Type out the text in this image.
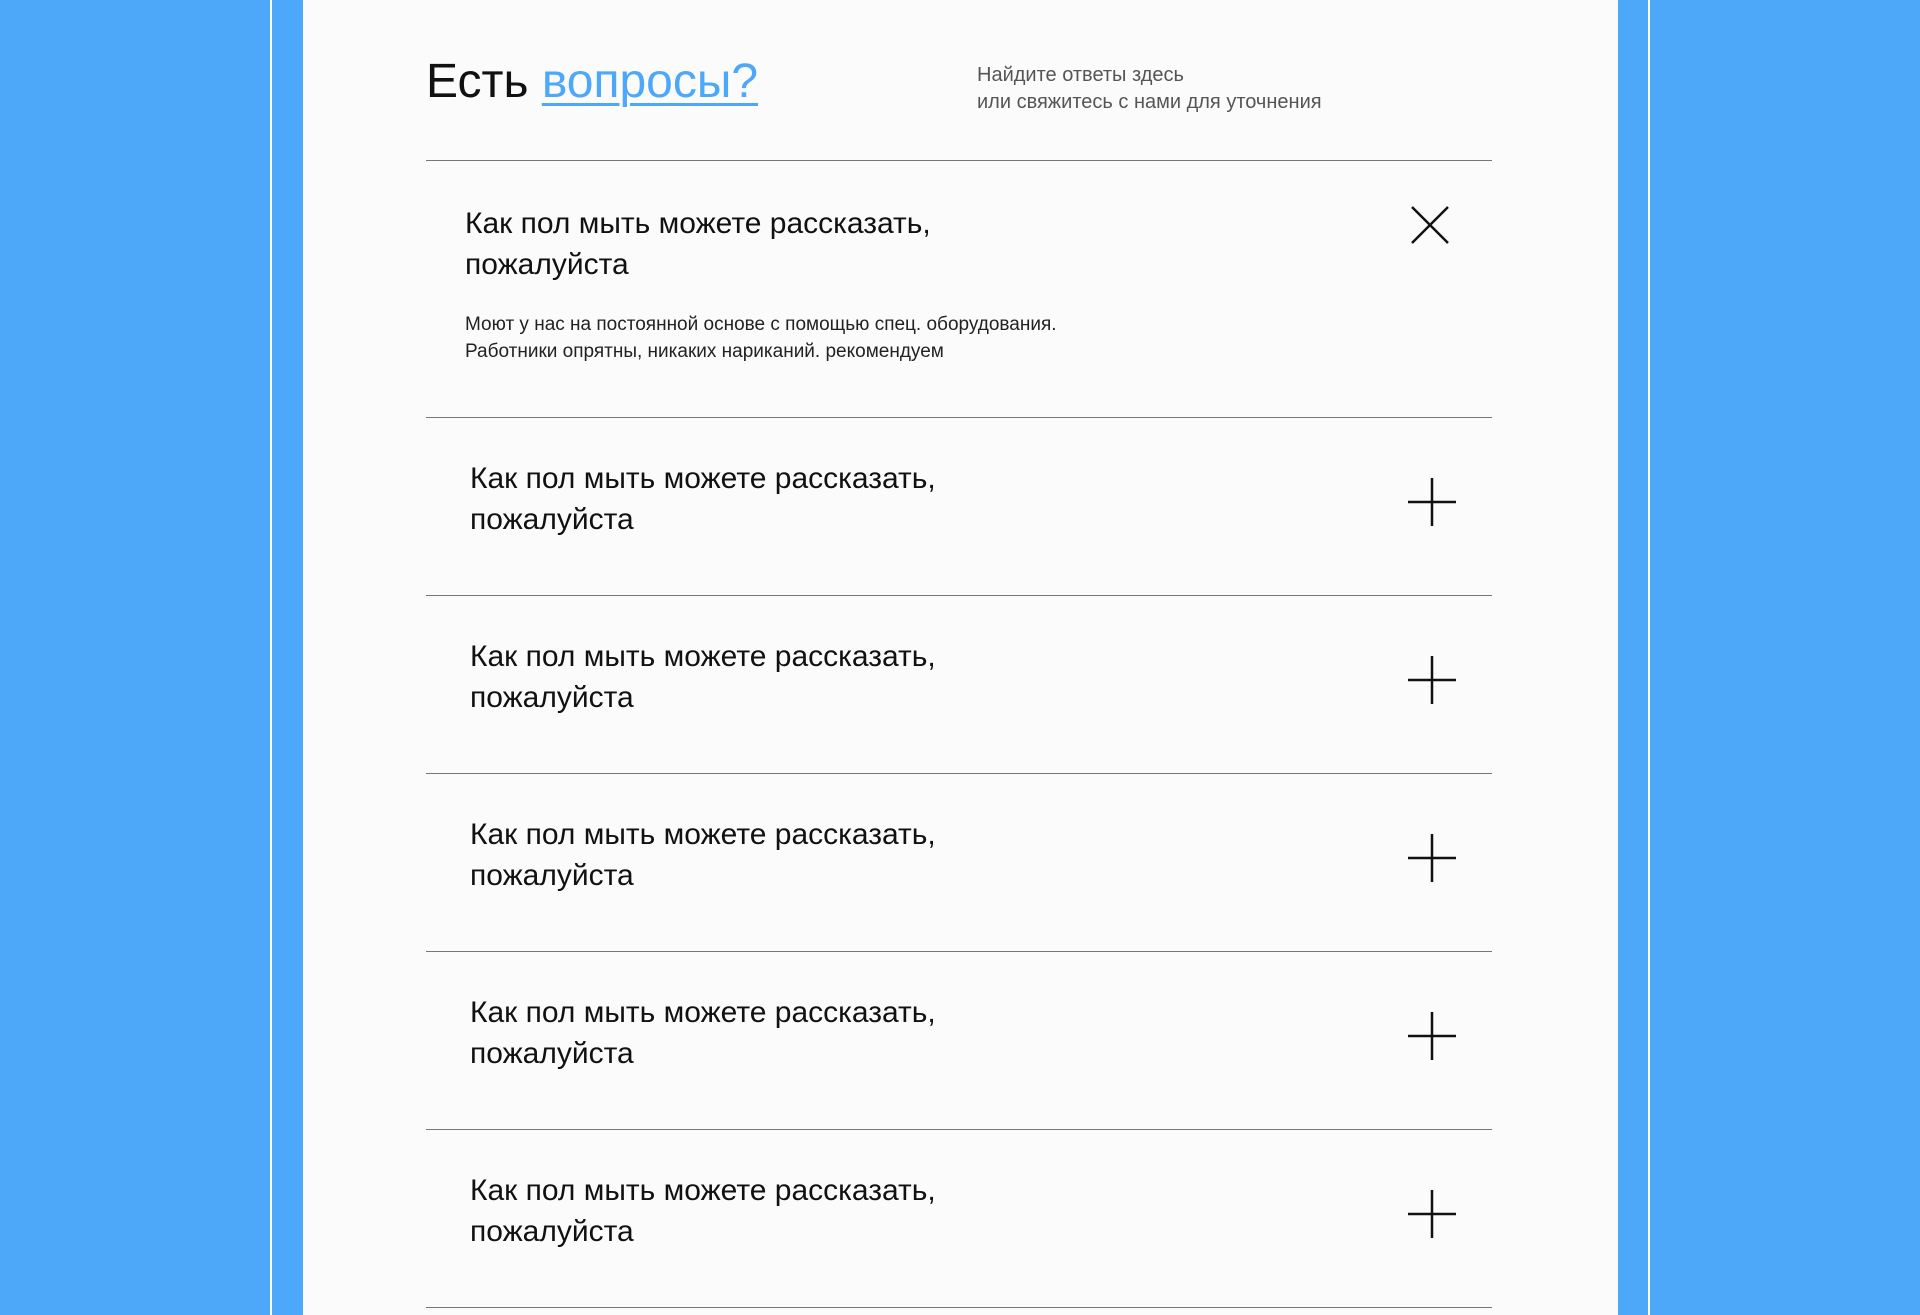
Есть вопросы?	Найдите ответы здесь
или свяжитесь с нами для уточнения
Как пол мыть можете рассказать, пожалуйста
Моют у нас на постоянной основе с помощью спец. оборудования.
Работники опрятны, никаких нариканий. рекомендуем
Как пол мыть можете рассказать, пожалуйста
Как пол мыть можете рассказать, пожалуйста
Как пол мыть можете рассказать, пожалуйста
Как пол мыть можете рассказать, пожалуйста
Как пол мыть можете рассказать, пожалуйста
